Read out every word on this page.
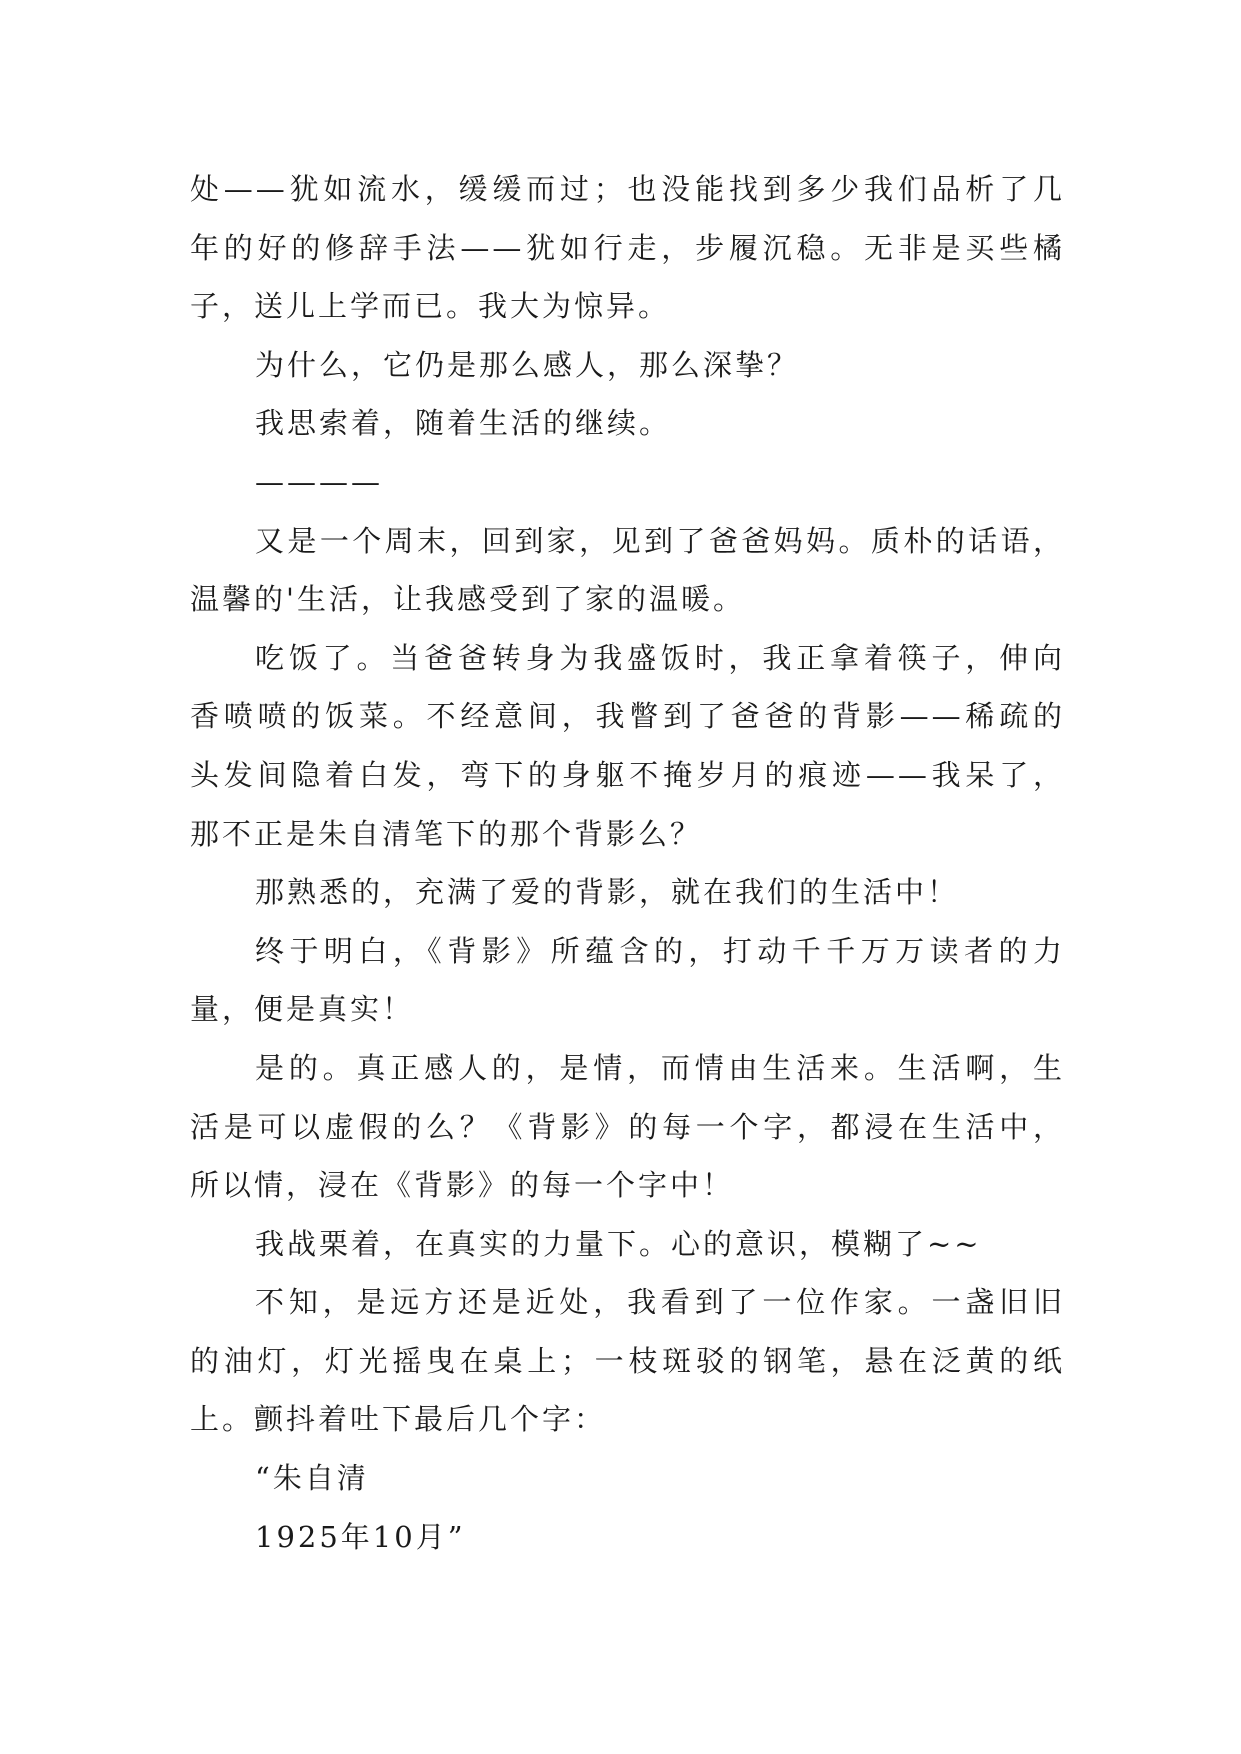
处——犹如流水，缓缓而过；也没能找到多少我们品析了几
年的好的修辞手法——犹如行走，步履沉稳。无非是买些橘
子，送儿上学而已。我大为惊异。
为什么，它仍是那么感人，那么深挚？
我思索着，随着生活的继续。
————
又是一个周末，回到家，见到了爸爸妈妈。质朴的话语，
温馨的'生活，让我感受到了家的温暖。
吃饭了。当爸爸转身为我盛饭时，我正拿着筷子，伸向
香喷喷的饭菜。不经意间，我瞥到了爸爸的背影——稀疏的
头发间隐着白发，弯下的身躯不掩岁月的痕迹——我呆了，
那不正是朱自清笔下的那个背影么？
那熟悉的，充满了爱的背影，就在我们的生活中！
终于明白，《背影》所蕴含的，打动千千万万读者的力
量，便是真实！
是的。真正感人的，是情，而情由生活来。生活啊，生
活是可以虚假的么？《背影》的每一个字，都浸在生活中，
所以情，浸在《背影》的每一个字中！
我战栗着，在真实的力量下。心的意识，模糊了~~
不知，是远方还是近处，我看到了一位作家。一盏旧旧
的油灯，灯光摇曳在桌上；一枝斑驳的钢笔，悬在泛黄的纸
上。颤抖着吐下最后几个字：
“朱自清
1925年10月”
